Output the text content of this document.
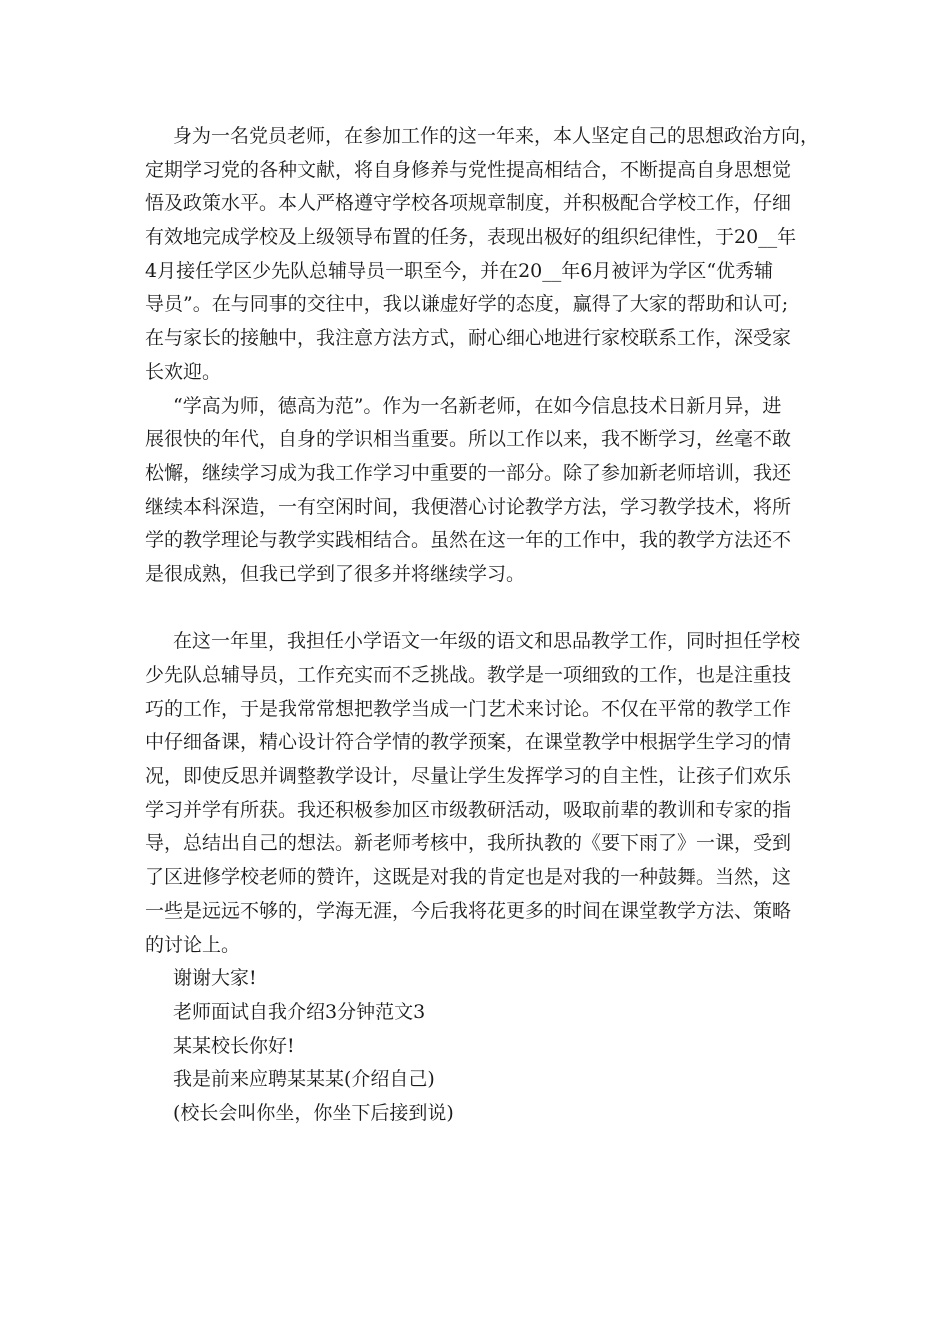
身为一名党员老师，在参加工作的这一年来，本人坚定自己的思想政治方向，
定期学习党的各种文献，将自身修养与党性提高相结合，不断提高自身思想觉
悟及政策水平。本人严格遵守学校各项规章制度，并积极配合学校工作，仔细
有效地完成学校及上级领导布置的任务，表现出极好的组织纪律性，于20__年
4月接任学区少先队总辅导员一职至今，并在20__年6月被评为学区“优秀辅
导员”。在与同事的交往中，我以谦虚好学的态度，赢得了大家的帮助和认可;
在与家长的接触中，我注意方法方式，耐心细心地进行家校联系工作，深受家
长欢迎。
“学高为师，德高为范”。作为一名新老师，在如今信息技术日新月异，进
展很快的年代，自身的学识相当重要。所以工作以来，我不断学习，丝毫不敢
松懈，继续学习成为我工作学习中重要的一部分。除了参加新老师培训，我还
继续本科深造，一有空闲时间，我便潜心讨论教学方法，学习教学技术，将所
学的教学理论与教学实践相结合。虽然在这一年的工作中，我的教学方法还不
是很成熟，但我已学到了很多并将继续学习。
在这一年里，我担任小学语文一年级的语文和思品教学工作，同时担任学校
少先队总辅导员，工作充实而不乏挑战。教学是一项细致的工作，也是注重技
巧的工作，于是我常常想把教学当成一门艺术来讨论。不仅在平常的教学工作
中仔细备课，精心设计符合学情的教学预案，在课堂教学中根据学生学习的情
况，即使反思并调整教学设计，尽量让学生发挥学习的自主性，让孩子们欢乐
学习并学有所获。我还积极参加区市级教研活动，吸取前辈的教训和专家的指
导，总结出自己的想法。新老师考核中，我所执教的《要下雨了》一课，受到
了区进修学校老师的赞许，这既是对我的肯定也是对我的一种鼓舞。当然，这
一些是远远不够的，学海无涯，今后我将花更多的时间在课堂教学方法、策略
的讨论上。
谢谢大家!
老师面试自我介绍3分钟范文3
某某校长你好!
我是前来应聘某某某(介绍自己)
(校长会叫你坐，你坐下后接到说)
